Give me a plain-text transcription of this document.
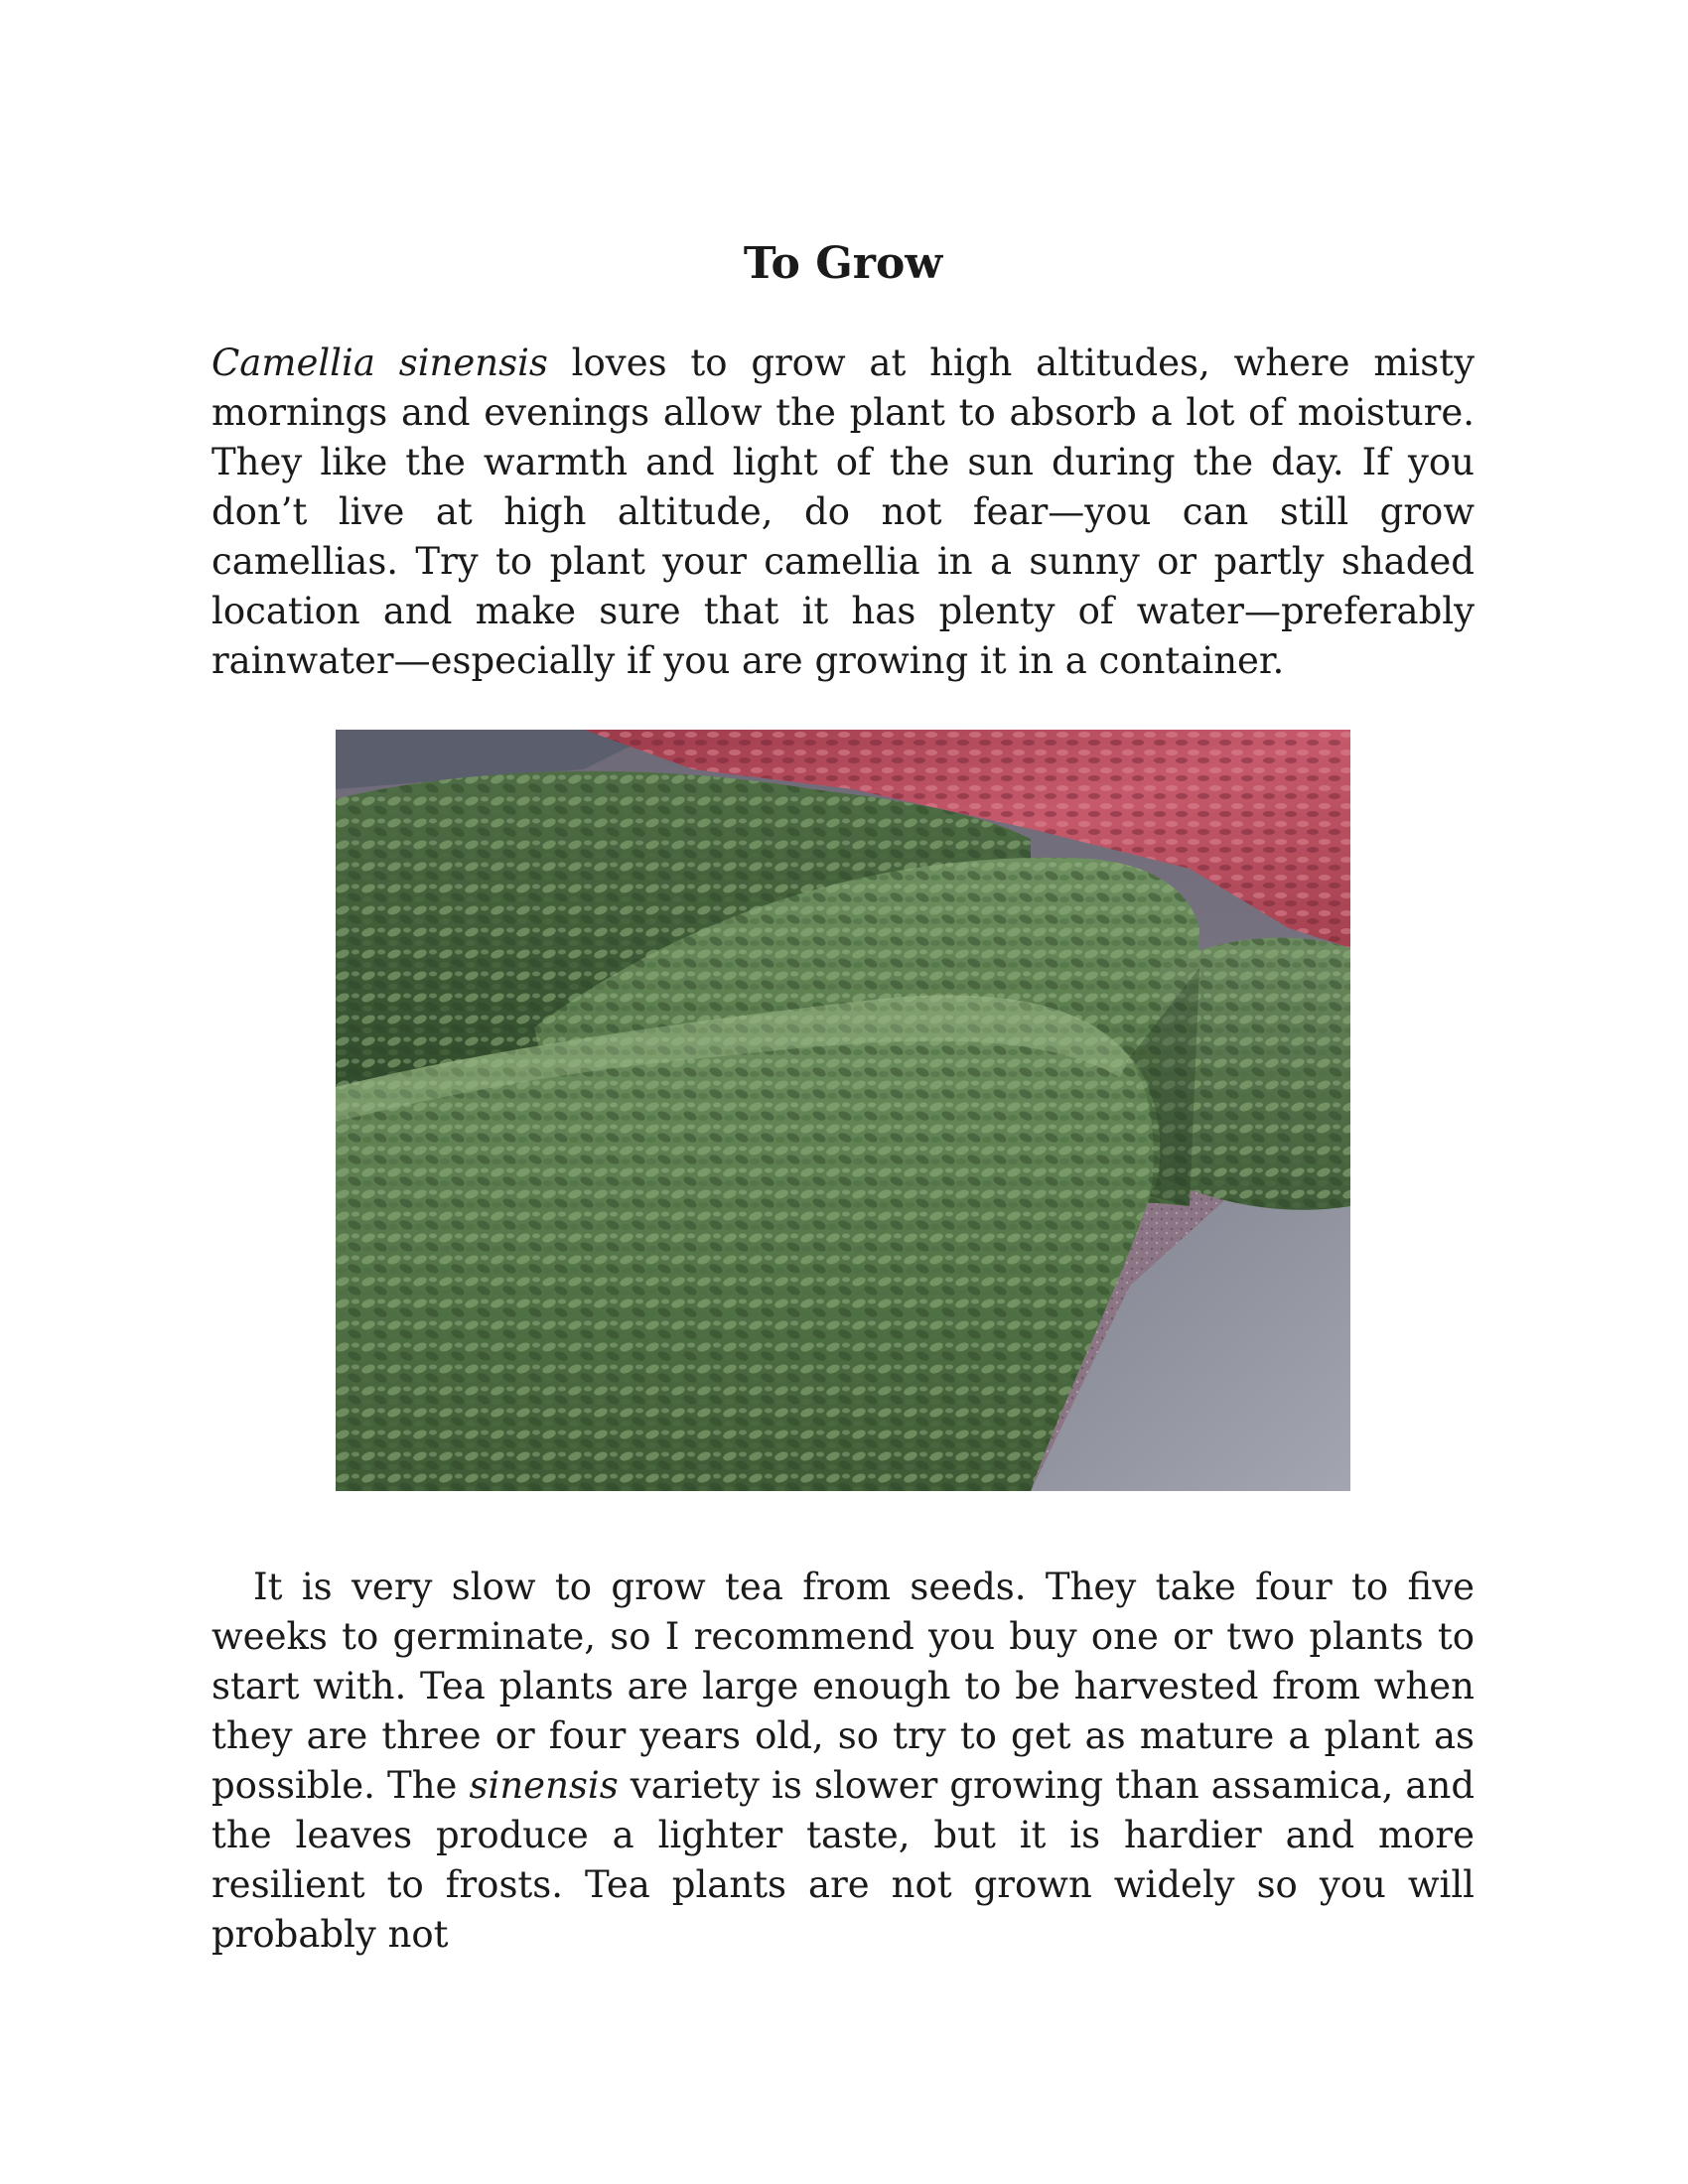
To Grow

Camellia sinensis loves to grow at high altitudes, where misty mornings and evenings allow the plant to absorb a lot of moisture. They like the warmth and light of the sun during the day. If you don’t live at high altitude, do not fear—you can still grow camellias. Try to plant your camellia in a sunny or partly shaded location and make sure that it has plenty of water—preferably rainwater—especially if you are growing it in a container.

It is very slow to grow tea from seeds. They take four to five weeks to germinate, so I recommend you buy one or two plants to start with. Tea plants are large enough to be harvested from when they are three or four years old, so try to get as mature a plant as possible. The sinensis variety is slower growing than assamica, and the leaves produce a lighter taste, but it is hardier and more resilient to frosts. Tea plants are not grown widely so you will probably not
